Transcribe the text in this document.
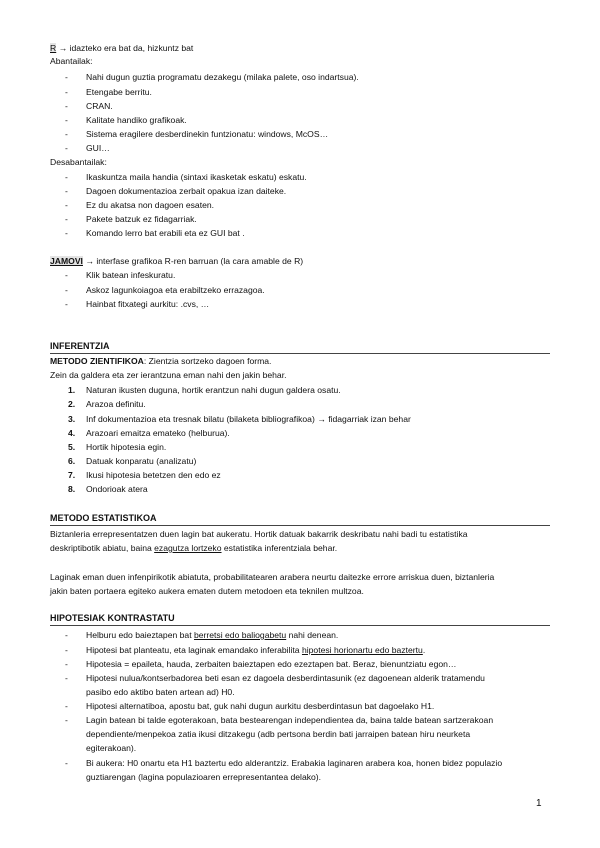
R → idazteko era bat da, hizkuntz bat
Abantailak:
-	Nahi dugun guztia programatu dezakegu (milaka palete, oso indartsua).
-	Etengabe berritu.
-	CRAN.
-	Kalitate handiko grafikoak.
-	Sistema eragilere desberdinekin funtzionatu: windows, McOS…
-	GUI…
Desabantailak:
-	Ikaskuntza maila handia (sintaxi ikasketak eskatu) eskatu.
-	Dagoen dokumentazioa zerbait opakua izan daiteke.
-	Ez du akatsa non dagoen esaten.
-	Pakete batzuk ez fidagarriak.
-	Komando lerro bat erabili eta ez GUI bat .
JAMOVI → interfase grafikoa R-ren barruan (la cara amable de R)
-	Klik batean infeskuratu.
-	Askoz lagunkoiagoa eta erabiltzeko errazagoa.
-	Hainbat fitxategi aurkitu: .cvs, …
INFERENTZIA
METODO ZIENTIFIKOA: Zientzia sortzeko dagoen forma.
Zein da galdera eta zer ierantzuna eman nahi den jakin behar.
1.	Naturan ikusten duguna, hortik erantzun nahi dugun galdera osatu.
2.	Arazoa definitu.
3.	Inf dokumentazioa eta tresnak bilatu (bilaketa bibliografikoa) → fidagarriak izan behar
4.	Arazoari emaitza emateko (helburua).
5.	Hortik hipotesia egin.
6.	Datuak konparatu (analizatu)
7.	Ikusi hipotesia betetzen den edo ez
8.	Ondorioak atera
METODO ESTATISTIKOA
Biztanleria errepresentatzen duen lagin bat aukeratu. Hortik datuak bakarrik deskribatu nahi badi tu estatistika
deskriptibotik abiatu, baina ezagutza lortzeko estatistika inferentziala behar.
Laginak eman duen infenpirikotik abiatuta, probabilitatearen arabera neurtu daitezke errore arriskua duen, biztanleria
jakin baten portaera egiteko aukera ematen dutem metodoen eta teknilen multzoa.
HIPOTESIAK KONTRASTATU
-	Helburu edo baieztapen bat berretsi edo baliogabetu nahi denean.
-	Hipotesi bat planteatu, eta laginak emandako inferabilita hipotesi horionartu edo baztertu.
-	Hipotesia = epaileta, hauda, zerbaiten baieztapen edo ezeztapen bat. Beraz, bienuntziatu egon…
-	Hipotesi nulua/kontserbadorea beti esan ez dagoela desberdintasunik (ez dagoenean alderik tratamendu
pasibo edo aktibo baten artean ad) H0.
-	Hipotesi alternatiboa, apostu bat, guk nahi dugun aurkitu desberdintasun bat dagoelako H1.
-	Lagin batean bi talde egoterakoan, bata bestearengan independientea da, baina talde batean sartzerakoan
dependiente/menpekoa zatia ikusi ditzakegu (adb pertsona berdin bati jarraipen batean hiru neurketa
egiterakoan).
-	Bi aukera: H0 onartu eta H1 baztertu edo alderantziz. Erabakia laginaren arabera koa, honen bidez populazio
guztiarengan (lagina populazioaren errepresentantea delako).
1
